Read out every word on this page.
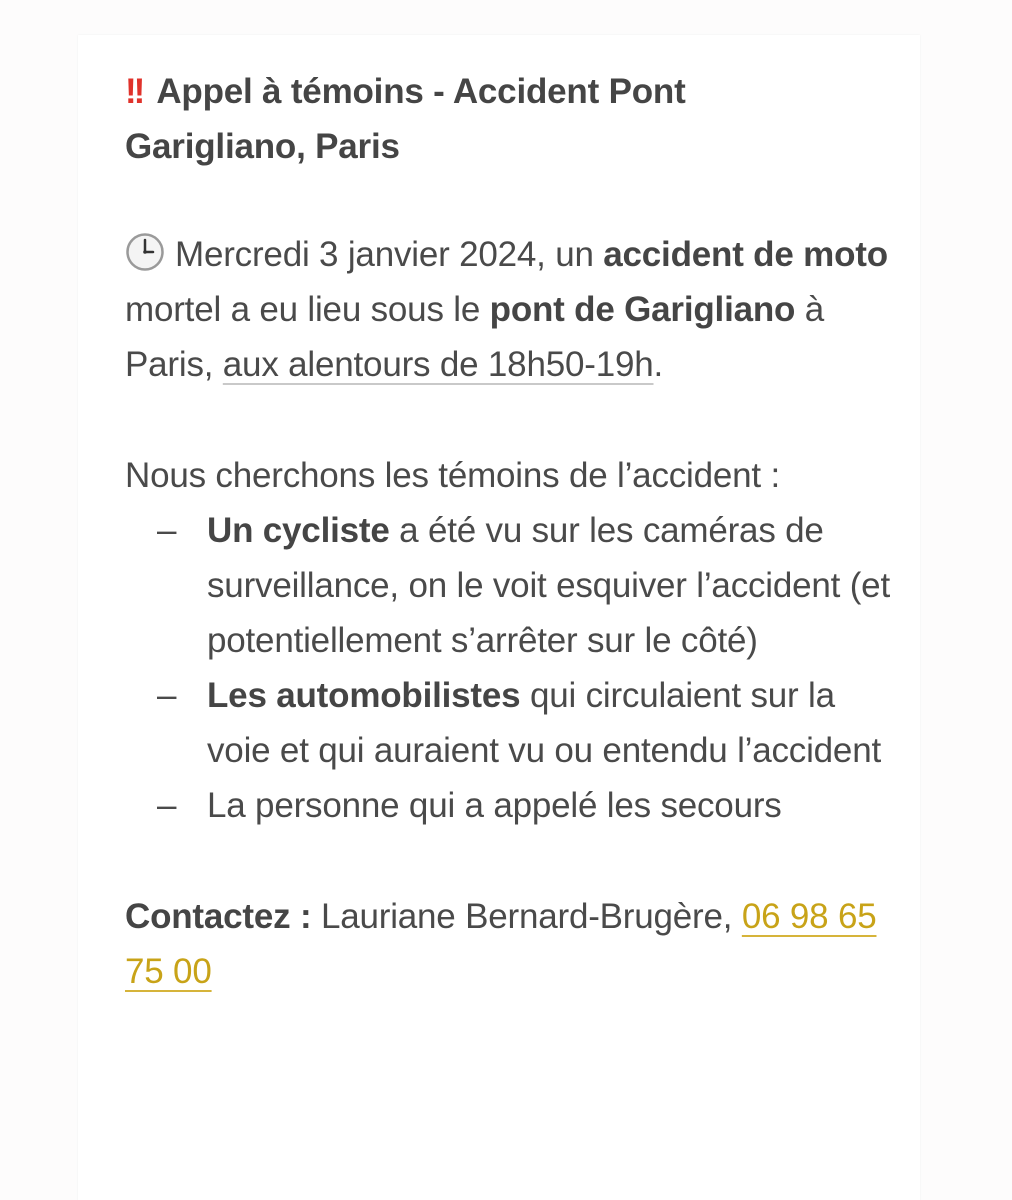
!! Appel à témoins - Accident Pont Garigliano, Paris

Mercredi 3 janvier 2024, un accident de moto mortel a eu lieu sous le pont de Garigliano à Paris, aux alentours de 18h50-19h.

Nous cherchons les témoins de l’accident :

– Un cycliste a été vu sur les caméras de surveillance, on le voit esquiver l’accident (et potentiellement s’arrêter sur le côté)
– Les automobilistes qui circulaient sur la voie et qui auraient vu ou entendu l’accident
– La personne qui a appelé les secours

Contactez : Lauriane Bernard-Brugère, 06 98 65 75 00
